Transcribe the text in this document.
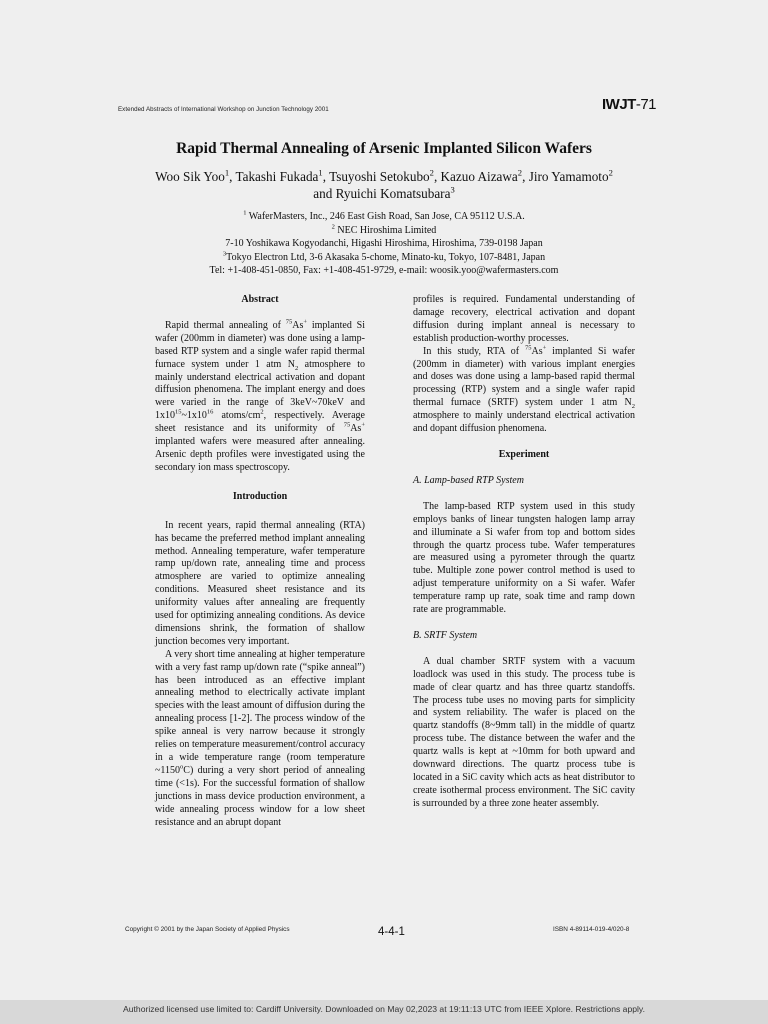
Extended Abstracts of International Workshop on Junction Technology 2001	IWJT-71
Rapid Thermal Annealing of Arsenic Implanted Silicon Wafers
Woo Sik Yoo$^1$, Takashi Fukada$^1$, Tsuyoshi Setokubo$^2$, Kazuo Aizawa$^2$, Jiro Yamamoto$^2$
and Ryuichi Komatsubara$^3$
$^1$ WaferMasters, Inc., 246 East Gish Road, San Jose, CA 95112 U.S.A.
$^2$ NEC Hiroshima Limited
7-10 Yoshikawa Kogyodanchi, Higashi Hiroshima, Hiroshima, 739-0198 Japan
$^3$Tokyo Electron Ltd, 3-6 Akasaka 5-chome, Minato-ku, Tokyo, 107-8481, Japan
Tel: +1-408-451-0850, Fax: +1-408-451-9729, e-mail: woosik.yoo@wafermasters.com

Abstract

Rapid thermal annealing of $^{75}$As+ implanted Si wafer (200mm in diameter) was done using a lamp-based RTP system and a single wafer rapid thermal furnace system under 1 atm $N_2$ atmosphere to mainly understand electrical activation and dopant diffusion phenomena. The implant energy and does were varied in the range of 3keV~70keV and $1x10^{15}\sim 1x10^{16}$ atoms/$cm^2$, respectively. Average sheet resistance and its uniformity of $^{75}$As+ implanted wafers were measured after annealing. Arsenic depth profiles were investigated using the secondary ion mass spectroscopy.

Introduction

In recent years, rapid thermal annealing (RTA) has became the preferred method implant annealing method. Annealing temperature, wafer temperature ramp up/down rate, annealing time and process atmosphere are varied to optimize annealing conditions. Measured sheet resistance and its uniformity values after annealing are frequently used for optimizing annealing conditions. As device dimensions shrink, the formation of shallow junction becomes very important.

A very short time annealing at higher temperature with a very fast ramp up/down rate (“spike anneal”) has been introduced as an effective implant annealing method to electrically activate implant species with the least amount of diffusion during the annealing process [1-2]. The process window of the spike anneal is very narrow because it strongly relies on temperature measurement/control accuracy in a wide temperature range (room temperature ~1150$^o$C) during a very short period of annealing time (<1s). For the successful formation of shallow junctions in mass device production environment, a wide annealing process window for a low sheet resistance and an abrupt dopant

profiles is required. Fundamental understanding of damage recovery, electrical activation and dopant diffusion during implant anneal is necessary to establish production-worthy processes.

In this study, RTA of $^{75}$As+ implanted Si wafer (200mm in diameter) with various implant energies and doses was done using a lamp-based rapid thermal processing (RTP) system and a single wafer rapid thermal furnace (SRTF) system under 1 atm $N_2$ atmosphere to mainly understand electrical activation and dopant diffusion phenomena.

Experiment

A. Lamp-based RTP System

The lamp-based RTP system used in this study employs banks of linear tungsten halogen lamp array and illuminate a Si wafer from top and bottom sides through the quartz process tube. Wafer temperatures are measured using a pyrometer through the quartz tube. Multiple zone power control method is used to adjust temperature uniformity on a Si wafer. Wafer temperature ramp up rate, soak time and ramp down rate are programmable.

B. SRTF System

A dual chamber SRTF system with a vacuum loadlock was used in this study. The process tube is made of clear quartz and has three quartz standoffs. The process tube uses no moving parts for simplicity and system reliability. The wafer is placed on the quartz standoffs (8~9mm tall) in the middle of quartz process tube. The distance between the wafer and the quartz walls is kept at ~10mm for both upward and downward directions. The quartz process tube is located in a SiC cavity which acts as heat distributor to create isothermal process environment. The SiC cavity is surrounded by a three zone heater assembly.

Copyright © 2001 by the Japan Society of Applied Physics	4-4-1	ISBN 4-89114-019-4/020-8
Authorized licensed use limited to: Cardiff University. Downloaded on May 02,2023 at 19:11:13 UTC from IEEE Xplore. Restrictions apply.
